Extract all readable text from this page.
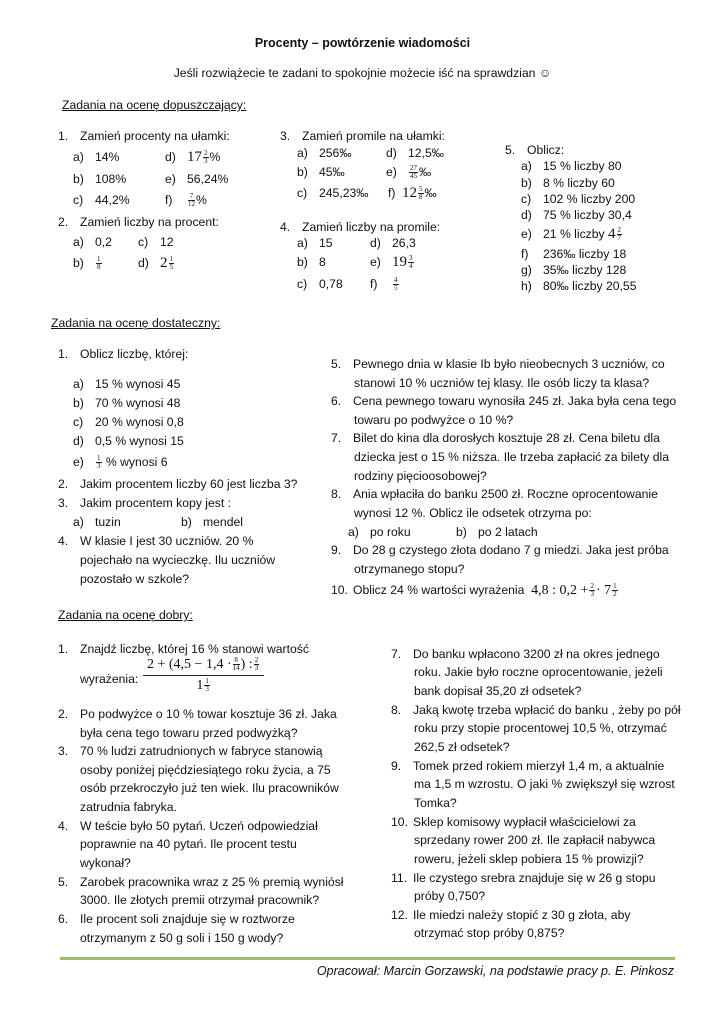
Procenty – powtórzenie wiadomości
Jeśli rozwiążecie te zadani to spokojnie możecie iść na sprawdzian ☺
Zadania na ocenę dopuszczający:
1. Zamień procenty na ułamki:
a) 14%	d) $17 \frac{2}{3}$ %
b) 108%	e) 56,24%
c) 44,2%	$f) \frac{7}{12}$ %
2. Zamień liczby na procent:
a) 0,2 c) 12
$b) \frac{1}{8}$	d) $2 \frac{1}{5}$
3. Zamień promile na ułamki:
a) 256‰	d) 12,5‰
b) 45‰	$e) \frac{27}{45}$ ‰
c) 245,23‰ f) $12 \frac{5}{8}$ ‰
4. Zamień liczby na promile:
a) 15	d) 26,3
b) 8	e) $19 \frac{3}{4}$
c) 0,78 $f) \frac{4}{5}$
5. Oblicz:
a) 15 % liczby 80
b) 8 % liczby 60
c) 102 % liczby 200
d) 75 % liczby 30,4
e) 21 % liczby $4 \frac{2}{7}$
f) 236‰ liczby 18
g) 35‰ liczby 128
h) 80‰ liczby 20,55
Zadania na ocenę dostateczny:
1. Oblicz liczbę, której:
a) 15 % wynosi 45
b) 70 % wynosi 48
c) 20 % wynosi 0,8
d) 0,5 % wynosi 15
$e) \frac{1}{3}$ % wynosi 6
2. Jakim procentem liczby 60 jest liczba 3?
3. Jakim procentem kopy jest :
a) tuzin	b) mendel
4. W klasie I jest 30 uczniów. 20 %
pojechało na wycieczkę. Ilu uczniów
pozostało w szkole?
5. Pewnego dnia w klasie Ib było nieobecnych 3 uczniów, co
stanowi 10 % uczniów tej klasy. Ile osób liczy ta klasa?
6. Cena pewnego towaru wynosiła 245 zł. Jaka była cena tego
towaru po podwyżce o 10 %?
7. Bilet do kina dla dorosłych kosztuje 28 zł. Cena biletu dla
dziecka jest o 15 % niższa. Ile trzeba zapłacić za bilety dla
rodziny pięcioosobowej?
8. Ania wpłaciła do banku 2500 zł. Roczne oprocentowanie
wynosi 12 %. Oblicz ile odsetek otrzyma po:
a) po roku	b) po 2 latach
9. Do 28 g czystego złota dodano 7 g miedzi. Jaka jest próba
otrzymanego stopu?
10. Oblicz 24 % wartości wyrażenia 4,8 : $0,2 + \frac{2}{3} \cdot 7 \frac{1}{2}$
Zadania na ocenę dobry:
1. Znajdź liczbę, której 16 % stanowi wartość
wyrażenia:
$2 + (4,5 - 1,4 \cdot \frac{8}{14}$ ) : $\frac{2}{3}$
$1 \frac{1}{3}$
2. Po podwyżce o 10 % towar kosztuje 36 zł. Jaka
była cena tego towaru przed podwyżką?
3. 70 % ludzi zatrudnionych w fabryce stanowią
osoby poniżej pięćdziesiątego roku życia, a 75
osób przekroczyło już ten wiek. Ilu pracowników
zatrudnia fabryka.
4. W teście było 50 pytań. Uczeń odpowiedział
poprawnie na 40 pytań. Ile procent testu
wykonał?
5. Zarobek pracownika wraz z 25 % premią wyniósł
3000. Ile złotych premii otrzymał pracownik?
6. Ile procent soli znajduje się w roztworze
otrzymanym z 50 g soli i 150 g wody?
7. Do banku wpłacono 3200 zł na okres jednego
roku. Jakie było roczne oprocentowanie, jeżeli
bank dopisał 35,20 zł odsetek?
8. Jaką kwotę trzeba wpłacić do banku , żeby po pół
roku przy stopie procentowej 10,5 %, otrzymać
262,5 zł odsetek?
9. Tomek przed rokiem mierzył 1,4 m, a aktualnie
ma 1,5 m wzrostu. O jaki % zwiększył się wzrost
Tomka?
10. Sklep komisowy wypłacił właścicielowi za
sprzedany rower 200 zł. Ile zapłacił nabywca
roweru, jeżeli sklep pobiera 15 % prowizji?
11. Ile czystego srebra znajduje się w 26 g stopu
próby 0,750?
12. Ile miedzi należy stopić z 30 g złota, aby
otrzymać stop próby 0,875?
Opracował: Marcin Gorzawski, na podstawie pracy p. E. Pinkosz
